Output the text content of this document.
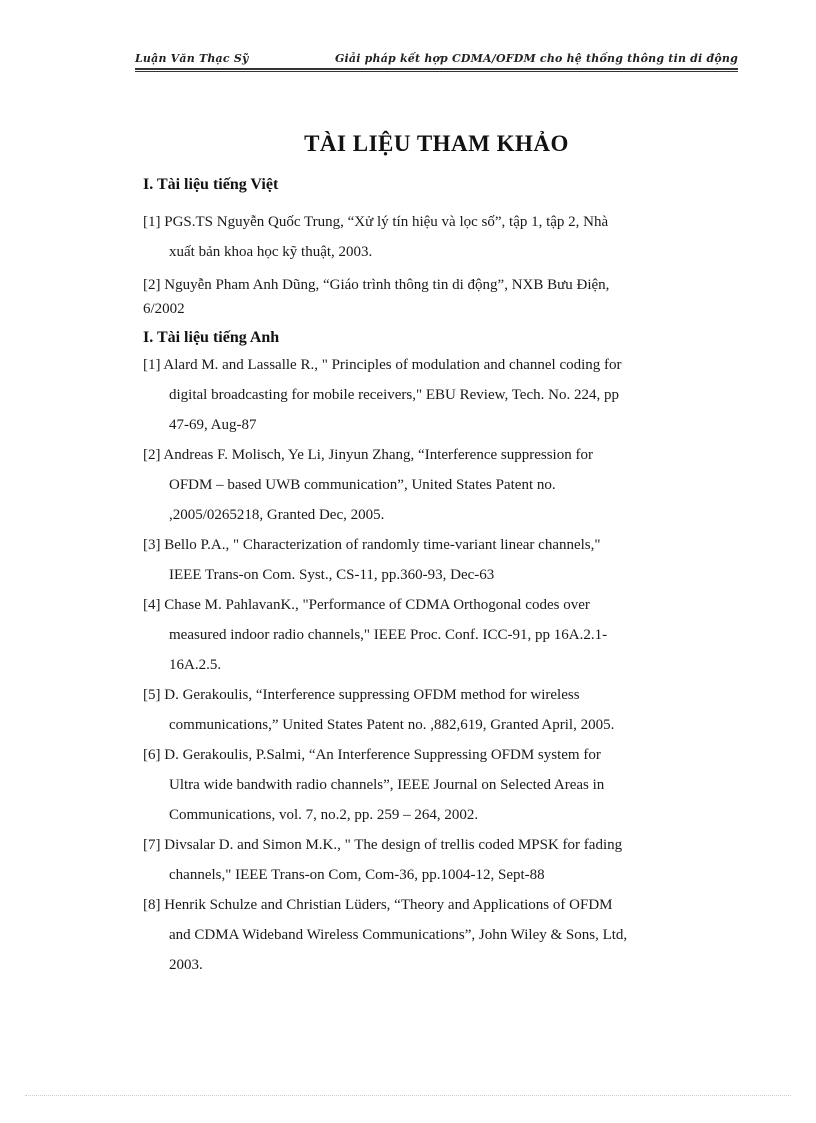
Luận Văn Thạc Sỹ	Giải pháp kết hợp CDMA/OFDM cho hệ thống thông tin di động
TÀI LIỆU THAM KHẢO
I. Tài liệu tiếng Việt
[1] PGS.TS Nguyễn Quốc Trung, “Xử lý tín hiệu và lọc số”, tập 1, tập 2, Nhà
xuất bản khoa học kỹ thuật, 2003.
[2] Nguyễn Pham Anh Dũng, “Giáo trình thông tin di động”, NXB Bưu Điện,
6/2002
I. Tài liệu tiếng Anh
[1] Alard M. and Lassalle R., " Principles of modulation and channel coding for
digital broadcasting for mobile receivers," EBU Review, Tech. No. 224, pp
47-69, Aug-87
[2] Andreas F. Molisch, Ye Li, Jinyun Zhang, “Interference suppression for
OFDM – based UWB communication”, United States Patent no.
,2005/0265218, Granted Dec, 2005.
[3] Bello P.A., " Characterization of randomly time-variant linear channels,"
IEEE Trans-on Com. Syst., CS-11, pp.360-93, Dec-63
[4] Chase M. PahlavanK., "Performance of CDMA Orthogonal codes over
measured indoor radio channels," IEEE Proc. Conf. ICC-91, pp 16A.2.1-
16A.2.5.
[5] D. Gerakoulis, “Interference suppressing OFDM method for wireless
communications,” United States Patent no. ,882,619, Granted April, 2005.
[6] D. Gerakoulis, P.Salmi, “An Interference Suppressing OFDM system for
Ultra wide bandwith radio channels”, IEEE Journal on Selected Areas in
Communications, vol. 7, no.2, pp. 259 – 264, 2002.
[7] Divsalar D. and Simon M.K., " The design of trellis coded MPSK for fading
channels," IEEE Trans-on Com, Com-36, pp.1004-12, Sept-88
[8] Henrik Schulze and Christian Lüders, “Theory and Applications of OFDM
and CDMA Wideband Wireless Communications”, John Wiley & Sons, Ltd,
2003.
